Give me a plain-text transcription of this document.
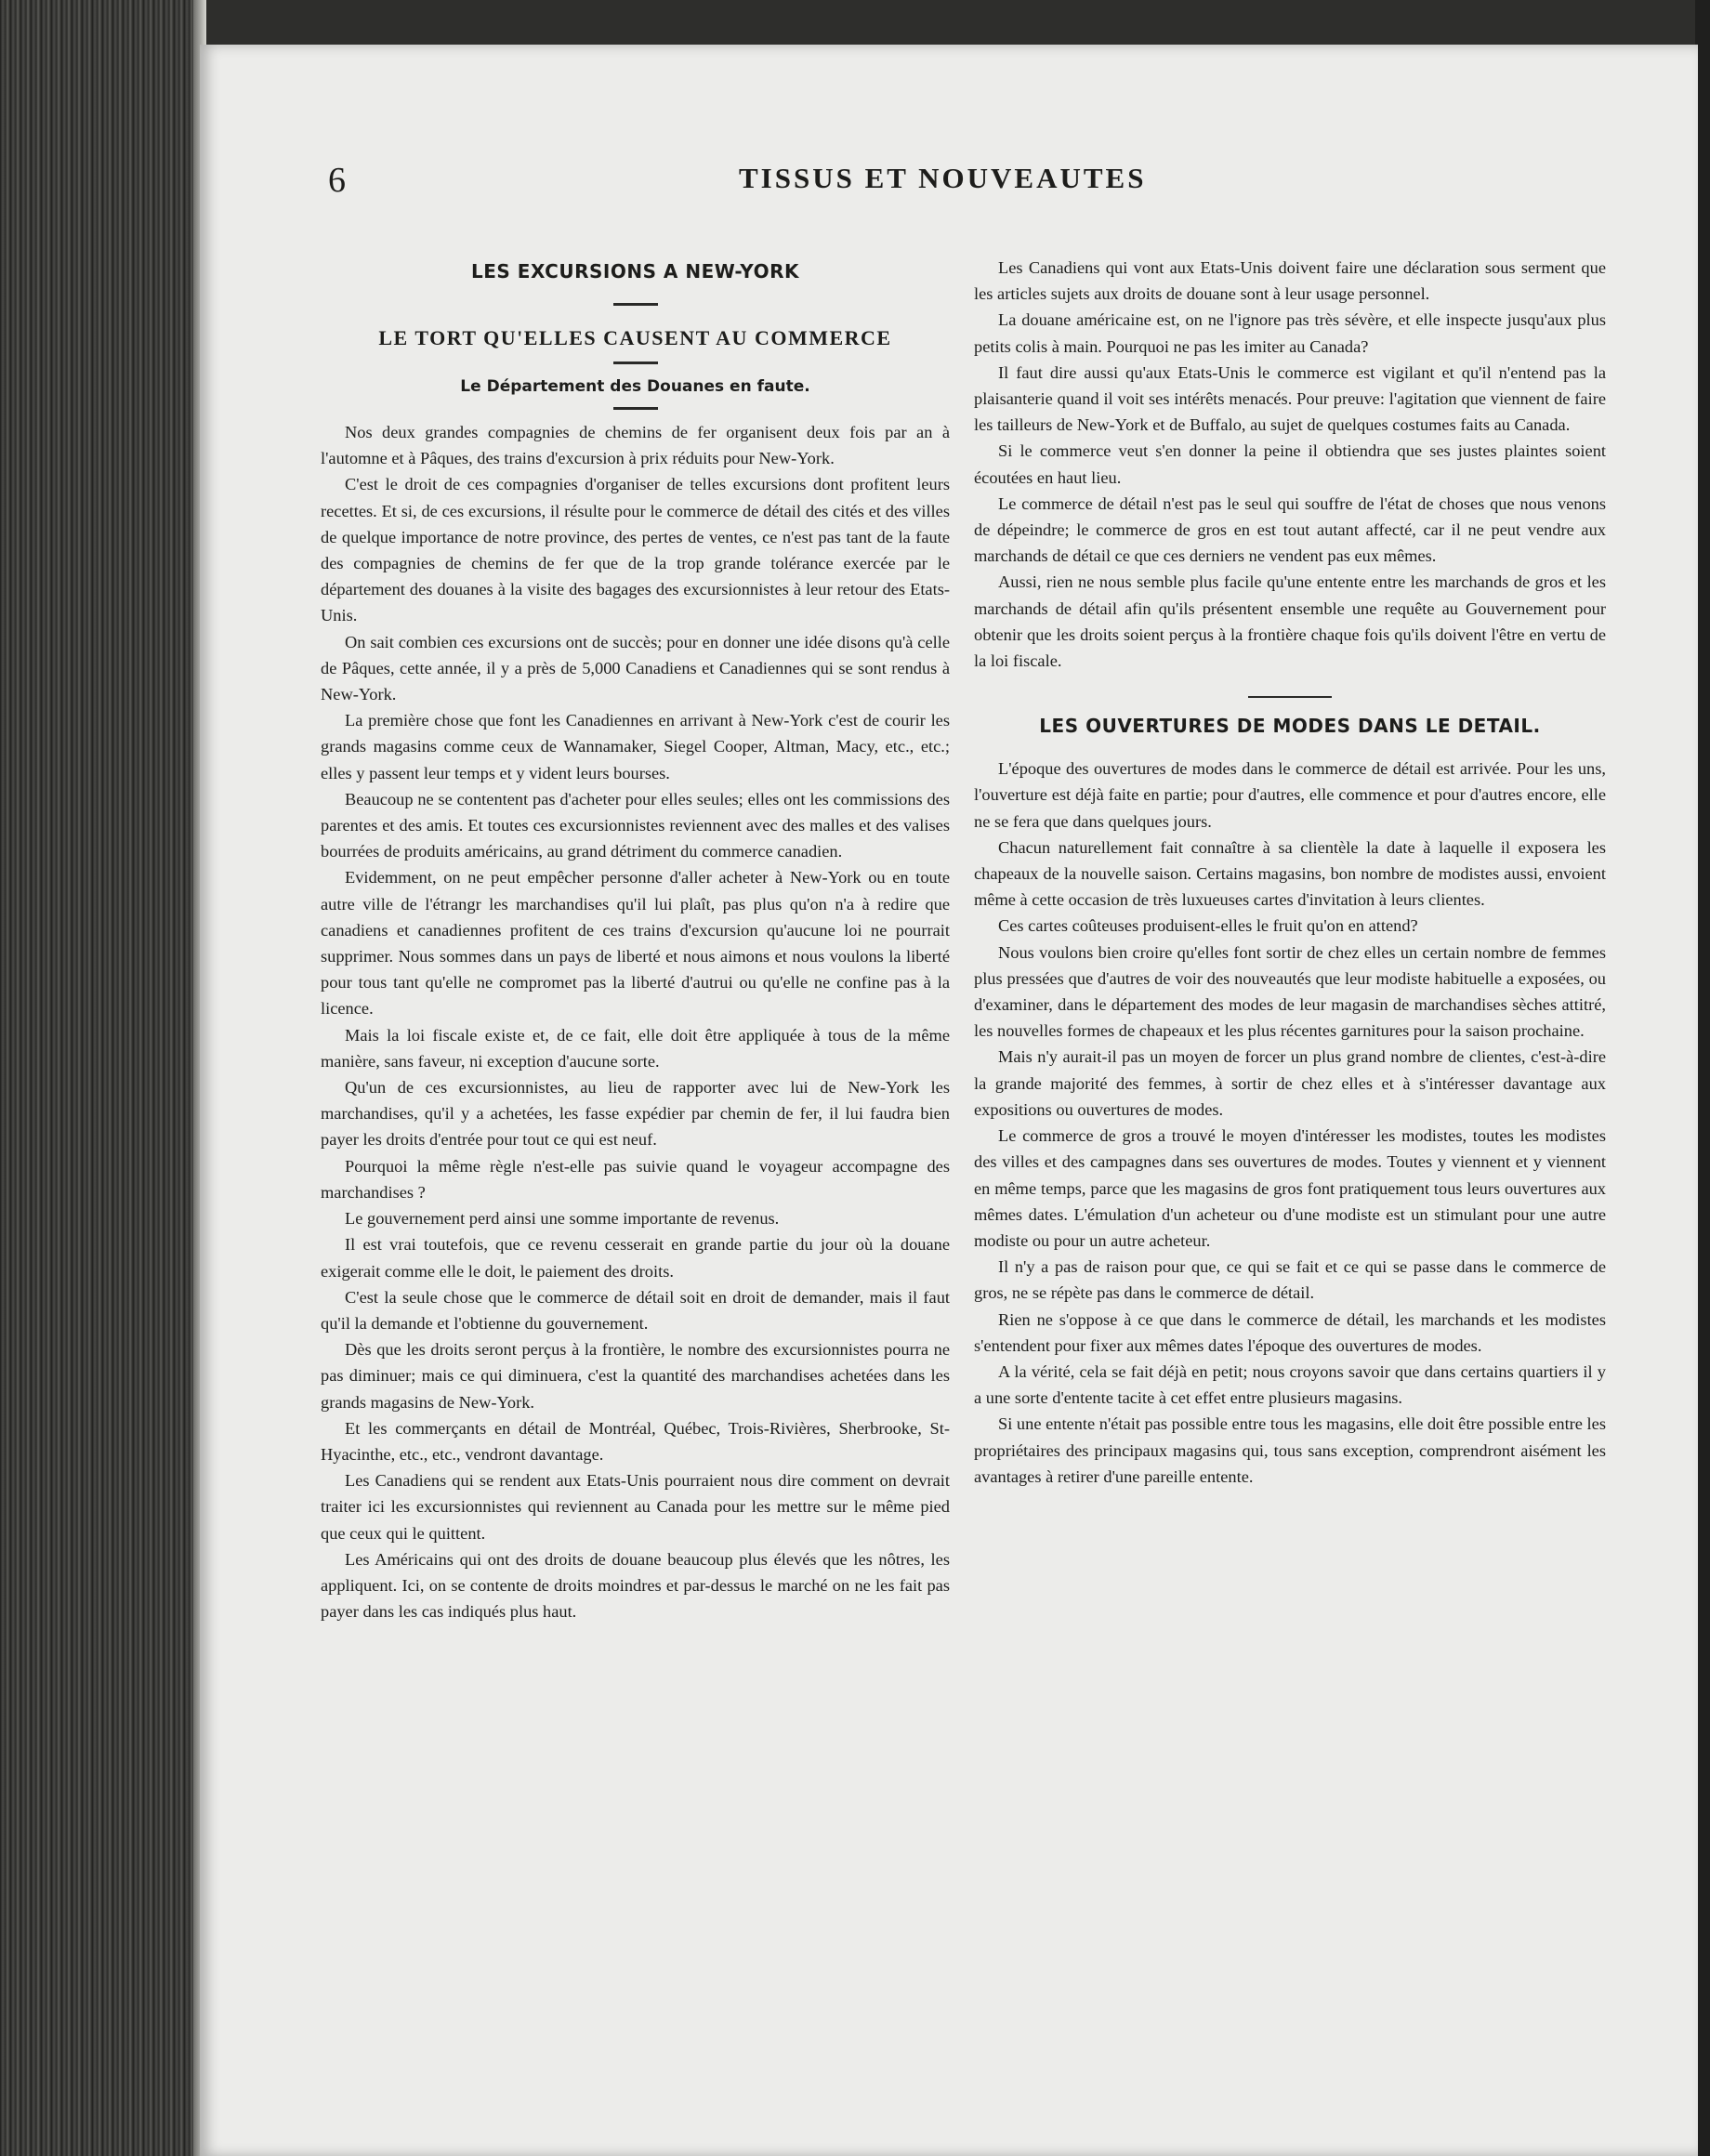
6	TISSUS ET NOUVEAUTES
LES EXCURSIONS A NEW-YORK
LE TORT QU'ELLES CAUSENT AU COMMERCE
Le Département des Douanes en faute.

Nos deux grandes compagnies de chemins de fer organisent deux fois par an à l'automne et à Pâques, des trains d'excursion à prix réduits pour New-York.

C'est le droit de ces compagnies d'organiser de telles excursions dont profitent leurs recettes. Et si, de ces excursions, il résulte pour le commerce de détail des cités et des villes de quelque importance de notre province, des pertes de ventes, ce n'est pas tant de la faute des compagnies de chemins de fer que de la trop grande tolérance exercée par le département des douanes à la visite des bagages des excursionnistes à leur retour des Etats-Unis.

On sait combien ces excursions ont de succès; pour en donner une idée disons qu'à celle de Pâques, cette année, il y a près de 5,000 Canadiens et Canadiennes qui se sont rendus à New-York.

La première chose que font les Canadiennes en arrivant à New-York c'est de courir les grands magasins comme ceux de Wannamaker, Siegel Cooper, Altman, Macy, etc., etc.; elles y passent leur temps et y vident leurs bourses.

Beaucoup ne se contentent pas d'acheter pour elles seules; elles ont les commissions des parentes et des amis. Et toutes ces excursionnistes reviennent avec des malles et des valises bourrées de produits américains, au grand détriment du commerce canadien.

Evidemment, on ne peut empêcher personne d'aller acheter à New-York ou en toute autre ville de l'étrangr les marchandises qu'il lui plaît, pas plus qu'on n'a à redire que canadiens et canadiennes profitent de ces trains d'excursion qu'aucune loi ne pourrait supprimer. Nous sommes dans un pays de liberté et nous aimons et nous voulons la liberté pour tous tant qu'elle ne compromet pas la liberté d'autrui ou qu'elle ne confine pas à la licence.

Mais la loi fiscale existe et, de ce fait, elle doit être appliquée à tous de la même manière, sans faveur, ni exception d'aucune sorte.

Qu'un de ces excursionnistes, au lieu de rapporter avec lui de New-York les marchandises, qu'il y a achetées, les fasse expédier par chemin de fer, il lui faudra bien payer les droits d'entrée pour tout ce qui est neuf.

Pourquoi la même règle n'est-elle pas suivie quand le voyageur accompagne des marchandises ?

Le gouvernement perd ainsi une somme importante de revenus.

Il est vrai toutefois, que ce revenu cesserait en grande partie du jour où la douane exigerait comme elle le doit, le paiement des droits.

C'est la seule chose que le commerce de détail soit en droit de demander, mais il faut qu'il la demande et l'obtienne du gouvernement.

Dès que les droits seront perçus à la frontière, le nombre des excursionnistes pourra ne pas diminuer; mais ce qui diminuera, c'est la quantité des marchandises achetées dans les grands magasins de New-York.

Et les commerçants en détail de Montréal, Québec, Trois-Rivières, Sherbrooke, St-Hyacinthe, etc., etc., vendront davantage.

Les Canadiens qui se rendent aux Etats-Unis pourraient nous dire comment on devrait traiter ici les excursionnistes qui reviennent au Canada pour les mettre sur le même pied que ceux qui le quittent.

Les Américains qui ont des droits de douane beaucoup plus élevés que les nôtres, les appliquent. Ici, on se contente de droits moindres et par-dessus le marché on ne les fait pas payer dans les cas indiqués plus haut.

Les Canadiens qui vont aux Etats-Unis doivent faire une déclaration sous serment que les articles sujets aux droits de douane sont à leur usage personnel.

La douane américaine est, on ne l'ignore pas très sévère, et elle inspecte jusqu'aux plus petits colis à main. Pourquoi ne pas les imiter au Canada?

Il faut dire aussi qu'aux Etats-Unis le commerce est vigilant et qu'il n'entend pas la plaisanterie quand il voit ses intérêts menacés. Pour preuve: l'agitation que viennent de faire les tailleurs de New-York et de Buffalo, au sujet de quelques costumes faits au Canada.

Si le commerce veut s'en donner la peine il obtiendra que ses justes plaintes soient écoutées en haut lieu.

Le commerce de détail n'est pas le seul qui souffre de l'état de choses que nous venons de dépeindre; le commerce de gros en est tout autant affecté, car il ne peut vendre aux marchands de détail ce que ces derniers ne vendent pas eux mêmes.

Aussi, rien ne nous semble plus facile qu'une entente entre les marchands de gros et les marchands de détail afin qu'ils présentent ensemble une requête au Gouvernement pour obtenir que les droits soient perçus à la frontière chaque fois qu'ils doivent l'être en vertu de la loi fiscale.

LES OUVERTURES DE MODES DANS LE DETAIL.

L'époque des ouvertures de modes dans le commerce de détail est arrivée. Pour les uns, l'ouverture est déjà faite en partie; pour d'autres, elle commence et pour d'autres encore, elle ne se fera que dans quelques jours.

Chacun naturellement fait connaître à sa clientèle la date à laquelle il exposera les chapeaux de la nouvelle saison. Certains magasins, bon nombre de modistes aussi, envoient même à cette occasion de très luxueuses cartes d'invitation à leurs clientes.

Ces cartes coûteuses produisent-elles le fruit qu'on en attend?

Nous voulons bien croire qu'elles font sortir de chez elles un certain nombre de femmes plus pressées que d'autres de voir des nouveautés que leur modiste habituelle a exposées, ou d'examiner, dans le département des modes de leur magasin de marchandises sèches attitré, les nouvelles formes de chapeaux et les plus récentes garnitures pour la saison prochaine.

Mais n'y aurait-il pas un moyen de forcer un plus grand nombre de clientes, c'est-à-dire la grande majorité des femmes, à sortir de chez elles et à s'intéresser davantage aux expositions ou ouvertures de modes.

Le commerce de gros a trouvé le moyen d'intéresser les modistes, toutes les modistes des villes et des campagnes dans ses ouvertures de modes. Toutes y viennent et y viennent en même temps, parce que les magasins de gros font pratiquement tous leurs ouvertures aux mêmes dates. L'émulation d'un acheteur ou d'une modiste est un stimulant pour une autre modiste ou pour un autre acheteur.

Il n'y a pas de raison pour que, ce qui se fait et ce qui se passe dans le commerce de gros, ne se répète pas dans le commerce de détail.

Rien ne s'oppose à ce que dans le commerce de détail, les marchands et les modistes s'entendent pour fixer aux mêmes dates l'époque des ouvertures de modes.

A la vérité, cela se fait déjà en petit; nous croyons savoir que dans certains quartiers il y a une sorte d'entente tacite à cet effet entre plusieurs magasins.

Si une entente n'était pas possible entre tous les magasins, elle doit être possible entre les propriétaires des principaux magasins qui, tous sans exception, comprendront aisément les avantages à retirer d'une pareille entente.
